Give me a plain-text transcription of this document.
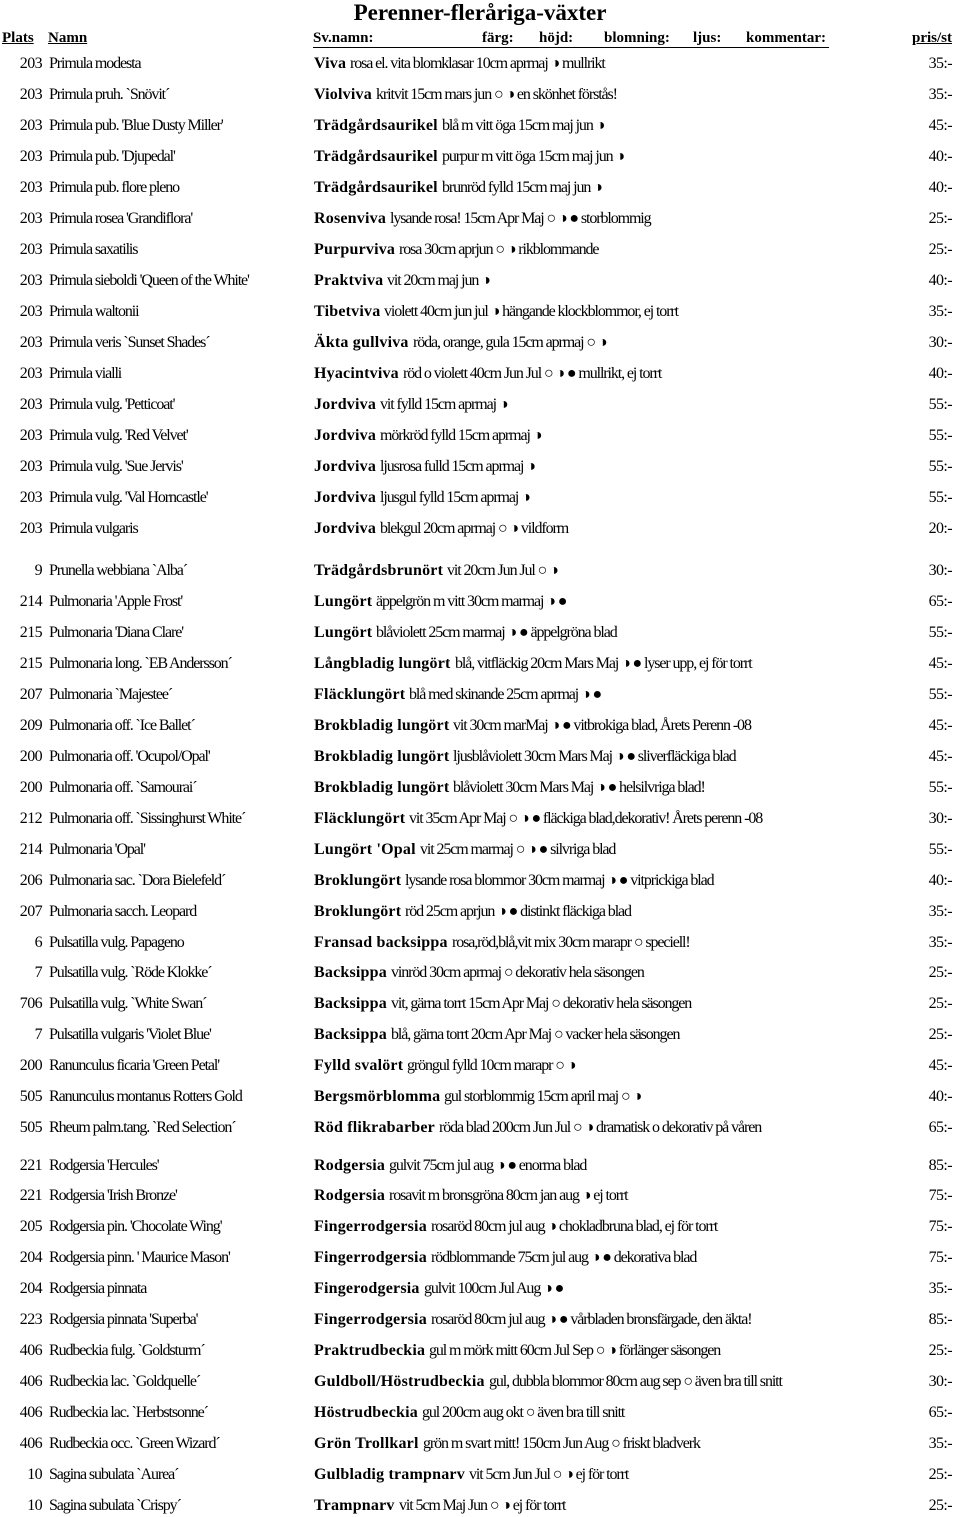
Perenner-fleråriga-växter
Plats Namn	Sv.namn:	färg: höjd: blomning: ljus: kommentar:	pris/st
203 Primula modesta	Viva rosa el. vita blomklasar 10cm aprmaj ◑ mullrikt	35:-
203 Primula pruh. `Snövit´	Violviva kritvit 15cm mars jun ○ ◑ en skönhet förstås!	35:-
203 Primula pub. 'Blue Dusty Miller'	Trädgårdsaurikel blå m vitt öga 15cm maj jun ◑	45:-
203 Primula pub. 'Djupedal'	Trädgårdsaurikel purpur m vitt öga 15cm maj jun ◑	40:-
203 Primula pub. flore pleno	Trädgårdsaurikel brunröd fylld 15cm maj jun ◑	40:-
203 Primula rosea 'Grandiflora'	Rosenviva lysande rosa! 15cm Apr Maj ○ ◑ ● storblommig	25:-
203 Primula saxatilis	Purpurviva rosa 30cm aprjun ○ ◑ rikblommande	25:-
203 Primula sieboldi 'Queen of the White'	Praktviva vit 20cm maj jun ◑	40:-
203 Primula waltonii	Tibetviva violett 40cm jun jul ◑ hängande klockblommor, ej torrt	35:-
203 Primula veris `Sunset Shades´	Äkta gullviva röda, orange, gula 15cm aprmaj ○ ◑	30:-
203 Primula vialli	Hyacintviva röd o violett 40cm Jun Jul ○ ◑ ● mullrikt, ej torrt	40:-
203 Primula vulg. 'Petticoat'	Jordviva vit fylld 15cm aprmaj ◑	55:-
203 Primula vulg. 'Red Velvet'	Jordviva mörkröd fylld 15cm aprmaj ◑	55:-
203 Primula vulg. 'Sue Jervis'	Jordviva ljusrosa fulld 15cm aprmaj ◑	55:-
203 Primula vulg. 'Val Horncastle'	Jordviva ljusgul fylld 15cm aprmaj ◑	55:-
203 Primula vulgaris	Jordviva blekgul 20cm aprmaj ○ ◑ vildform	20:-
9 Prunella webbiana `Alba´	Trädgårdsbrunört vit 20cm Jun Jul ○ ◑	30:-
214 Pulmonaria 'Apple Frost'	Lungört äppelgrön m vitt 30cm marmaj ◑ ●	65:-
215 Pulmonaria 'Diana Clare'	Lungört blåviolett 25cm marmaj ◑ ● äppelgröna blad	55:-
215 Pulmonaria long. `EB Andersson´	Långbladig lungört blå, vitfläckig 20cm Mars Maj ◑ ● lyser upp, ej för torrt	45:-
207 Pulmonaria `Majestee´	Fläcklungört blå med skinande 25cm aprmaj ◑ ●	55:-
209 Pulmonaria off. `Ice Ballet´	Brokbladig lungört vit 30cm marMaj ◑ ● vitbrokiga blad, Årets Perenn -08	45:-
200 Pulmonaria off. 'Ocupol/Opal'	Brokbladig lungört ljusblåviolett 30cm Mars Maj ◑ ● sliverfläckiga blad	45:-
200 Pulmonaria off. `Samourai´	Brokbladig lungört blåviolett 30cm Mars Maj ◑ ● helsilvriga blad!	55:-
212 Pulmonaria off. `Sissinghurst White´	Fläcklungört vit 35cm Apr Maj ○ ◑ ● fläckiga blad,dekorativ! Årets perenn -08	30:-
214 Pulmonaria 'Opal'	Lungört 'Opal vit 25cm marmaj ○ ◑ ● silvriga blad	55:-
206 Pulmonaria sac. `Dora Bielefeld´	Broklungört lysande rosa blommor 30cm marmaj ◑ ● vitprickiga blad	40:-
207 Pulmonaria sacch. Leopard	Broklungört röd 25cm aprjun ◑ ● distinkt fläckiga blad	35:-
6 Pulsatilla vulg. Papageno	Fransad backsippa rosa,röd,blå,vit mix 30cm marapr ○ speciell!	35:-
7 Pulsatilla vulg. `Röde Klokke´	Backsippa vinröd 30cm aprmaj ○ dekorativ hela säsongen	25:-
706 Pulsatilla vulg. `White Swan´	Backsippa vit, gärna torrt 15cm Apr Maj ○ dekorativ hela säsongen	25:-
7 Pulsatilla vulgaris 'Violet Blue'	Backsippa blå, gärna torrt 20cm Apr Maj ○ vacker hela säsongen	25:-
200 Ranunculus ficaria 'Green Petal'	Fylld svalört gröngul fylld 10cm marapr ○ ◑	45:-
505 Ranunculus montanus Rotters Gold	Bergsmörblomma gul storblommig 15cm april maj ○ ◑	40:-
505 Rheum palm.tang. `Red Selection´	Röd flikrabarber röda blad 200cm Jun Jul ○ ◑ dramatisk o dekorativ på våren	65:-
221 Rodgersia 'Hercules'	Rodgersia gulvit 75cm jul aug ◑ ● enorma blad	85:-
221 Rodgersia 'Irish Bronze'	Rodgersia rosavit m bronsgröna 80cm jan aug ◑ ej torrt	75:-
205 Rodgersia pin. 'Chocolate Wing'	Fingerrodgersia rosaröd 80cm jul aug ◑ chokladbruna blad, ej för torrt	75:-
204 Rodgersia pinn. ' Maurice Mason'	Fingerrodgersia rödblommande 75cm jul aug ◑ ● dekorativa blad	75:-
204 Rodgersia pinnata	Fingerodgersia gulvit 100cm Jul Aug ◑ ●	35:-
223 Rodgersia pinnata 'Superba'	Fingerrodgersia rosaröd 80cm jul aug ◑ ● vårbladen bronsfärgade, den äkta!	85:-
406 Rudbeckia fulg. `Goldsturm´	Praktrudbeckia gul m mörk mitt 60cm Jul Sep ○ ◑ förlänger säsongen	25:-
406 Rudbeckia lac. `Goldquelle´	Guldboll/Höstrudbeckia gul, dubbla blommor 80cm aug sep ○ även bra till snitt	30:-
406 Rudbeckia lac. `Herbstsonne´	Höstrudbeckia gul 200cm aug okt ○ även bra till snitt	65:-
406 Rudbeckia occ. `Green Wizard´	Grön Trollkarl grön m svart mitt! 150cm Jun Aug ○ friskt bladverk	35:-
10 Sagina subulata `Aurea´	Gulbladig trampnarv vit 5cm Jun Jul ○ ◑ ej för torrt	25:-
10 Sagina subulata `Crispy´	Trampnarv vit 5cm Maj Jun ○ ◑ ej för torrt	25:-
